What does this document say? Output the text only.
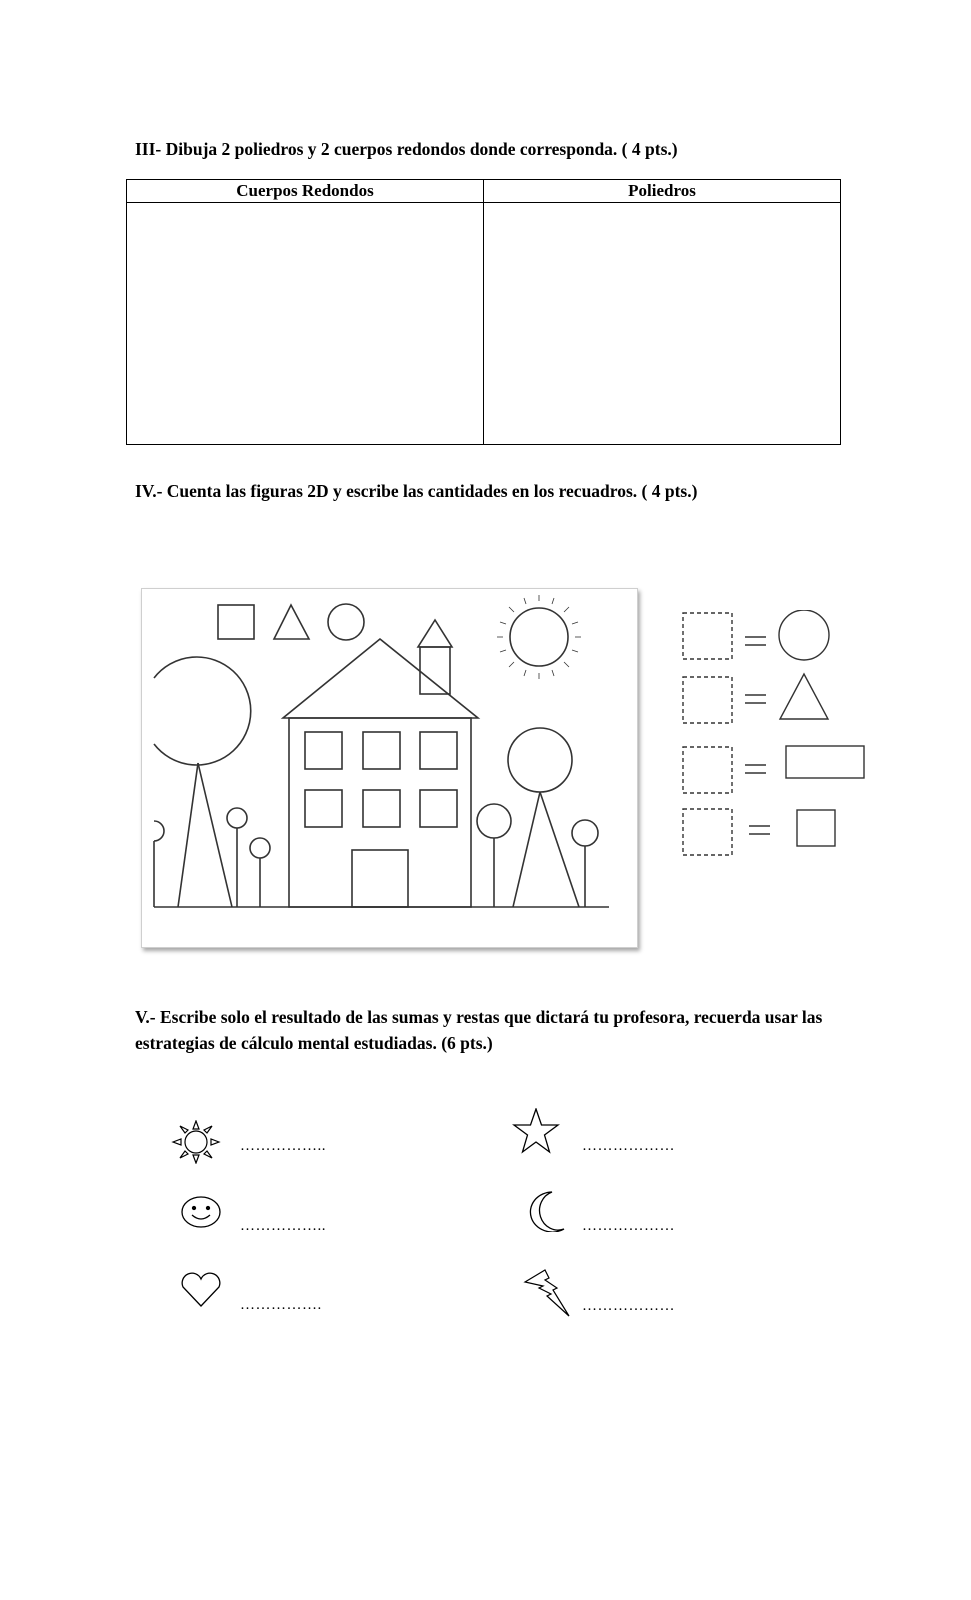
III- Dibuja 2 poliedros y 2 cuerpos redondos donde corresponda. ( 4 pts.)

Cuerpos Redondos	Poliedros

IV.- Cuenta las figuras 2D y escribe las cantidades en los recuadros. ( 4 pts.)

V.- Escribe solo el resultado de las sumas y restas que dictará tu profesora, recuerda usar las estrategias de cálculo mental estudiadas. (6 pts.)

……………..	………………
……………..	………………
…………….	………………
